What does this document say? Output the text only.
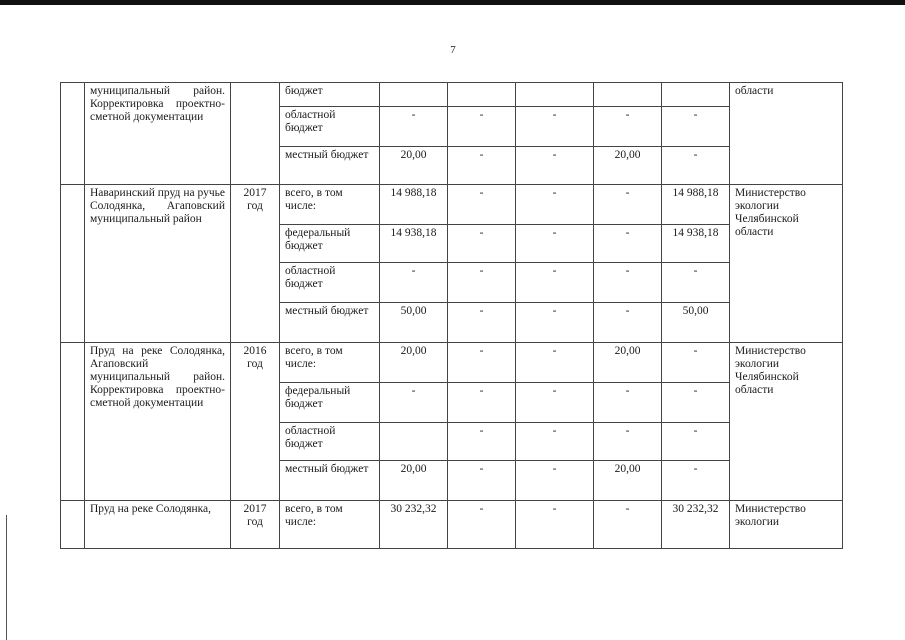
7
	муниципальный район. Корректировка проектно-сметной документации		бюджет						области
			областной бюджет	-	-	-	-	-	
			местный бюджет	20,00	-	-	20,00	-	
	Наваринский пруд на ручье Солодянка, Агаповский муниципальный район	2017 год	всего, в том числе:	14 988,18	-	-	-	14 988,18	Министерство экологии Челябинской области
			федеральный бюджет	14 938,18	-	-	-	14 938,18	
			областной бюджет	-	-	-	-	-	
			местный бюджет	50,00	-	-	-	50,00	
	Пруд на реке Солодянка, Агаповский муниципальный район. Корректировка проектно-сметной документации	2016 год	всего, в том числе:	20,00	-	-	20,00	-	Министерство экологии Челябинской области
			федеральный бюджет	-	-	-	-	-	
			областной бюджет		-	-	-	-	
			местный бюджет	20,00	-	-	20,00	-	
	Пруд на реке Солодянка,	2017 год	всего, в том числе:	30 232,32	-	-	-	30 232,32	Министерство экологии
